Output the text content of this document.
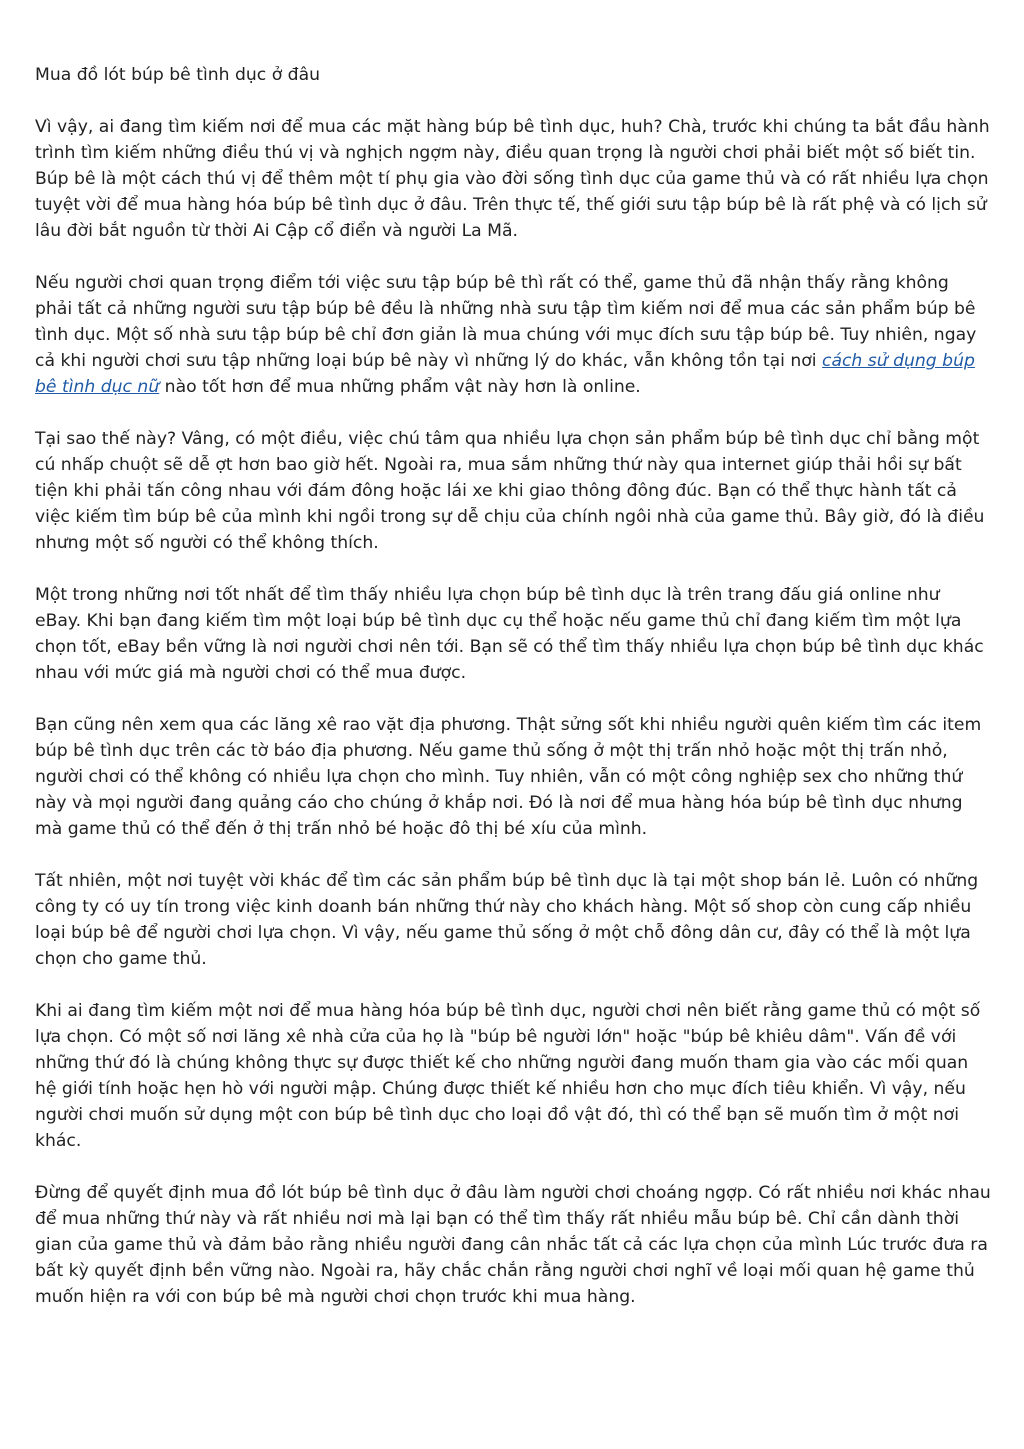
Mua đồ lót búp bê tình dục ở đâu

Vì vậy, ai đang tìm kiếm nơi để mua các mặt hàng búp bê tình dục, huh? Chà, trước khi chúng ta bắt đầu hành trình tìm kiếm những điều thú vị và nghịch ngợm này, điều quan trọng là người chơi phải biết một số biết tin. Búp bê là một cách thú vị để thêm một tí phụ gia vào đời sống tình dục của game thủ và có rất nhiều lựa chọn tuyệt vời để mua hàng hóa búp bê tình dục ở đâu. Trên thực tế, thế giới sưu tập búp bê là rất phệ và có lịch sử lâu đời bắt nguồn từ thời Ai Cập cổ điển và người La Mã.

Nếu người chơi quan trọng điểm tới việc sưu tập búp bê thì rất có thể, game thủ đã nhận thấy rằng không phải tất cả những người sưu tập búp bê đều là những nhà sưu tập tìm kiếm nơi để mua các sản phẩm búp bê tình dục. Một số nhà sưu tập búp bê chỉ đơn giản là mua chúng với mục đích sưu tập búp bê. Tuy nhiên, ngay cả khi người chơi sưu tập những loại búp bê này vì những lý do khác, vẫn không tồn tại nơi cách sử dụng búp bê tình dục nữ nào tốt hơn để mua những phẩm vật này hơn là online.

Tại sao thế này? Vâng, có một điều, việc chú tâm qua nhiều lựa chọn sản phẩm búp bê tình dục chỉ bằng một cú nhấp chuột sẽ dễ ợt hơn bao giờ hết. Ngoài ra, mua sắm những thứ này qua internet giúp thải hồi sự bất tiện khi phải tấn công nhau với đám đông hoặc lái xe khi giao thông đông đúc. Bạn có thể thực hành tất cả việc kiếm tìm búp bê của mình khi ngồi trong sự dễ chịu của chính ngôi nhà của game thủ. Bây giờ, đó là điều nhưng một số người có thể không thích.

Một trong những nơi tốt nhất để tìm thấy nhiều lựa chọn búp bê tình dục là trên trang đấu giá online như eBay. Khi bạn đang kiếm tìm một loại búp bê tình dục cụ thể hoặc nếu game thủ chỉ đang kiếm tìm một lựa chọn tốt, eBay bền vững là nơi người chơi nên tới. Bạn sẽ có thể tìm thấy nhiều lựa chọn búp bê tình dục khác nhau với mức giá mà người chơi có thể mua được.

Bạn cũng nên xem qua các lăng xê rao vặt địa phương. Thật sửng sốt khi nhiều người quên kiếm tìm các item búp bê tình dục trên các tờ báo địa phương. Nếu game thủ sống ở một thị trấn nhỏ hoặc một thị trấn nhỏ, người chơi có thể không có nhiều lựa chọn cho mình. Tuy nhiên, vẫn có một công nghiệp sex cho những thứ này và mọi người đang quảng cáo cho chúng ở khắp nơi. Đó là nơi để mua hàng hóa búp bê tình dục nhưng mà game thủ có thể đến ở thị trấn nhỏ bé hoặc đô thị bé xíu của mình.

Tất nhiên, một nơi tuyệt vời khác để tìm các sản phẩm búp bê tình dục là tại một shop bán lẻ. Luôn có những công ty có uy tín trong việc kinh doanh bán những thứ này cho khách hàng. Một số shop còn cung cấp nhiều loại búp bê để người chơi lựa chọn. Vì vậy, nếu game thủ sống ở một chỗ đông dân cư, đây có thể là một lựa chọn cho game thủ.

Khi ai đang tìm kiếm một nơi để mua hàng hóa búp bê tình dục, người chơi nên biết rằng game thủ có một số lựa chọn. Có một số nơi lăng xê nhà cửa của họ là "búp bê người lớn" hoặc "búp bê khiêu dâm". Vấn đề với những thứ đó là chúng không thực sự được thiết kế cho những người đang muốn tham gia vào các mối quan hệ giới tính hoặc hẹn hò với người mập. Chúng được thiết kế nhiều hơn cho mục đích tiêu khiển. Vì vậy, nếu người chơi muốn sử dụng một con búp bê tình dục cho loại đồ vật đó, thì có thể bạn sẽ muốn tìm ở một nơi khác.

Đừng để quyết định mua đồ lót búp bê tình dục ở đâu làm người chơi choáng ngợp. Có rất nhiều nơi khác nhau để mua những thứ này và rất nhiều nơi mà lại bạn có thể tìm thấy rất nhiều mẫu búp bê. Chỉ cần dành thời gian của game thủ và đảm bảo rằng nhiều người đang cân nhắc tất cả các lựa chọn của mình Lúc trước đưa ra bất kỳ quyết định bền vững nào. Ngoài ra, hãy chắc chắn rằng người chơi nghĩ về loại mối quan hệ game thủ muốn hiện ra với con búp bê mà người chơi chọn trước khi mua hàng.
